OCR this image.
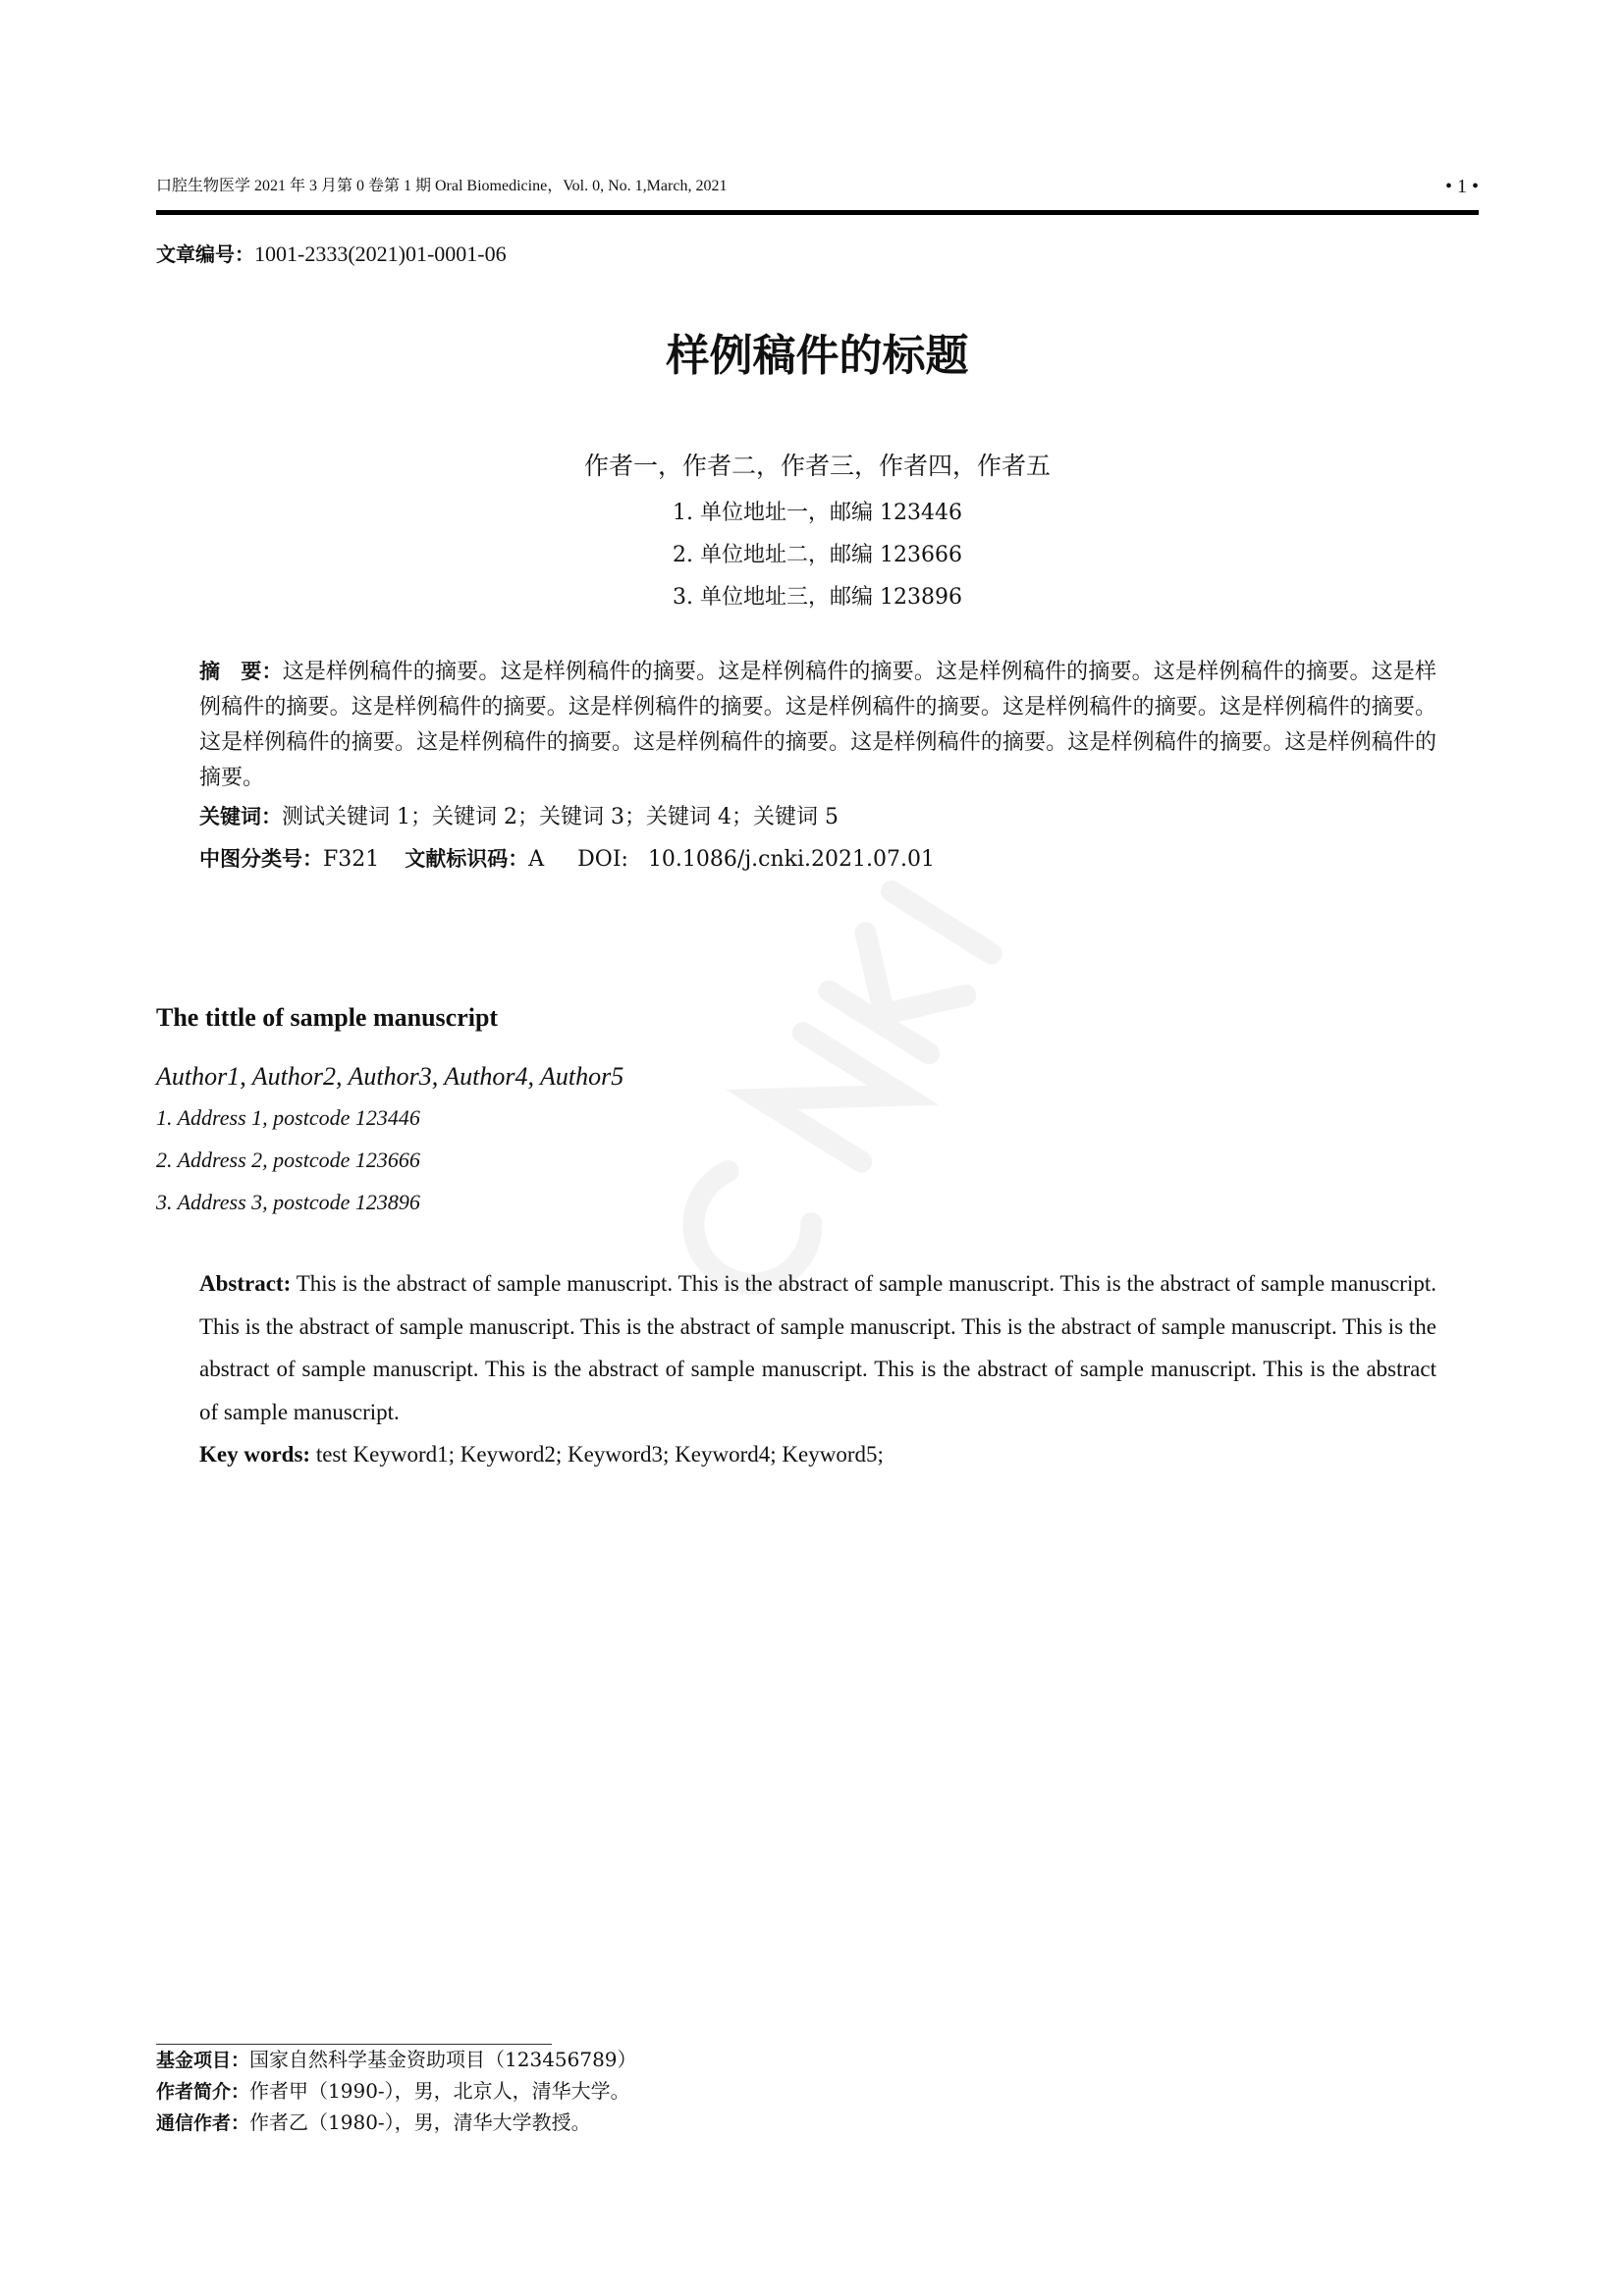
口腔生物医学 2021 年 3 月第 0 卷第 1 期 Oral Biomedicine，Vol. 0, No. 1,March, 2021	• 1 •
文章编号：1001-2333(2021)01-0001-06
样例稿件的标题
作者一，作者二，作者三，作者四，作者五
1. 单位地址一，邮编 123446
2. 单位地址二，邮编 123666
3. 单位地址三，邮编 123896
摘　要：这是样例稿件的摘要。这是样例稿件的摘要。这是样例稿件的摘要。这是样例稿件的摘要。这是样例稿件的摘要。这是样例稿件的摘要。这是样例稿件的摘要。这是样例稿件的摘要。这是样例稿件的摘要。这是样例稿件的摘要。这是样例稿件的摘要。这是样例稿件的摘要。这是样例稿件的摘要。这是样例稿件的摘要。这是样例稿件的摘要。这是样例稿件的摘要。这是样例稿件的摘要。
关键词：测试关键词 1；关键词 2；关键词 3；关键词 4；关键词 5
中图分类号：F321 文献标识码：A DOI: 10.1086/j.cnki.2021.07.01
The tittle of sample manuscript
Author1, Author2, Author3, Author4, Author5
1. Address 1, postcode 123446
2. Address 2, postcode 123666
3. Address 3, postcode 123896
Abstract: This is the abstract of sample manuscript. This is the abstract of sample manuscript. This is the abstract of sample manuscript. This is the abstract of sample manuscript. This is the abstract of sample manuscript. This is the abstract of sample manuscript. This is the abstract of sample manuscript. This is the abstract of sample manuscript. This is the abstract of sample manuscript. This is the abstract of sample manuscript.
Key words: test Keyword1; Keyword2; Keyword3; Keyword4; Keyword5;
基金项目：国家自然科学基金资助项目（123456789）
作者简介：作者甲（1990-），男，北京人，清华大学。
通信作者：作者乙（1980-），男，清华大学教授。
